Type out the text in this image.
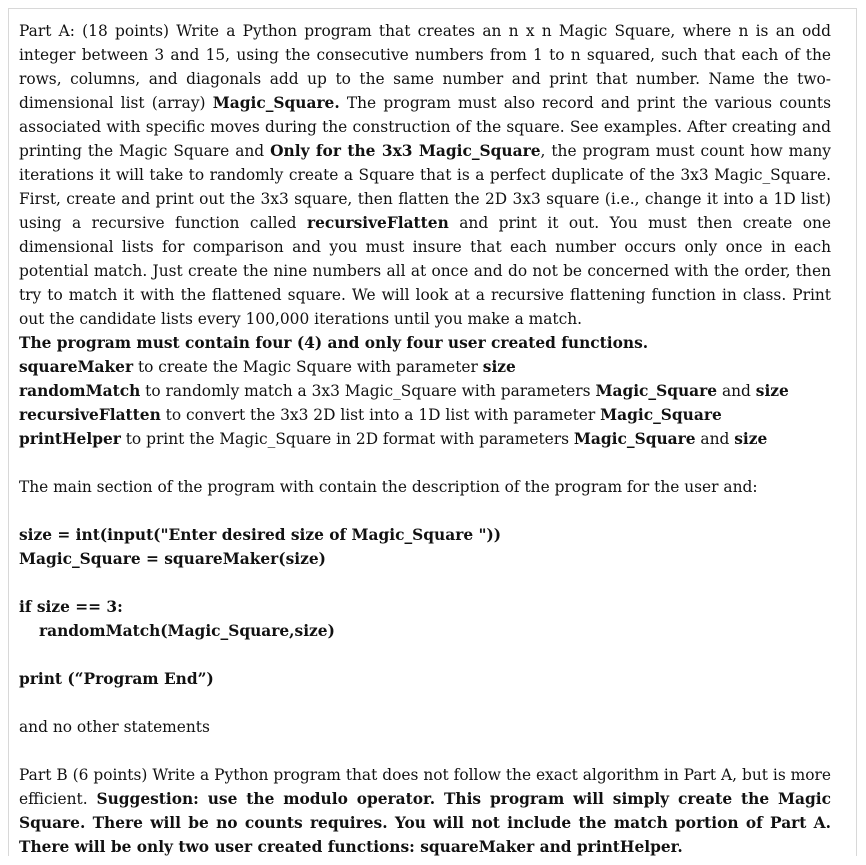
Part A: (18 points) Write a Python program that creates an n x n Magic Square, where n is an odd integer between 3 and 15, using the consecutive numbers from 1 to n squared, such that each of the rows, columns, and diagonals add up to the same number and print that number. Name the two-dimensional list (array) Magic_Square. The program must also record and print the various counts associated with specific moves during the construction of the square. See examples. After creating and printing the Magic Square and Only for the 3x3 Magic_Square, the program must count how many iterations it will take to randomly create a Square that is a perfect duplicate of the 3x3 Magic_Square. First, create and print out the 3x3 square, then flatten the 2D 3x3 square (i.e., change it into a 1D list) using a recursive function called recursiveFlatten and print it out. You must then create one dimensional lists for comparison and you must insure that each number occurs only once in each potential match. Just create the nine numbers all at once and do not be concerned with the order, then try to match it with the flattened square. We will look at a recursive flattening function in class. Print out the candidate lists every 100,000 iterations until you make a match.

The program must contain four (4) and only four user created functions.

squareMaker to create the Magic Square with parameter size

randomMatch to randomly match a 3x3 Magic_Square with parameters Magic_Square and size

recursiveFlatten to convert the 3x3 2D list into a 1D list with parameter Magic_Square

printHelper to print the Magic_Square in 2D format with parameters Magic_Square and size

The main section of the program with contain the description of the program for the user and:

size = int(input("Enter desired size of Magic_Square "))

Magic_Square = squareMaker(size)

if size == 3:

randomMatch(Magic_Square,size)

print (“Program End”)

and no other statements

Part B (6 points) Write a Python program that does not follow the exact algorithm in Part A, but is more efficient. Suggestion: use the modulo operator. This program will simply create the Magic Square. There will be no counts requires. You will not include the match portion of Part A. There will be only two user created functions: squareMaker and printHelper.
